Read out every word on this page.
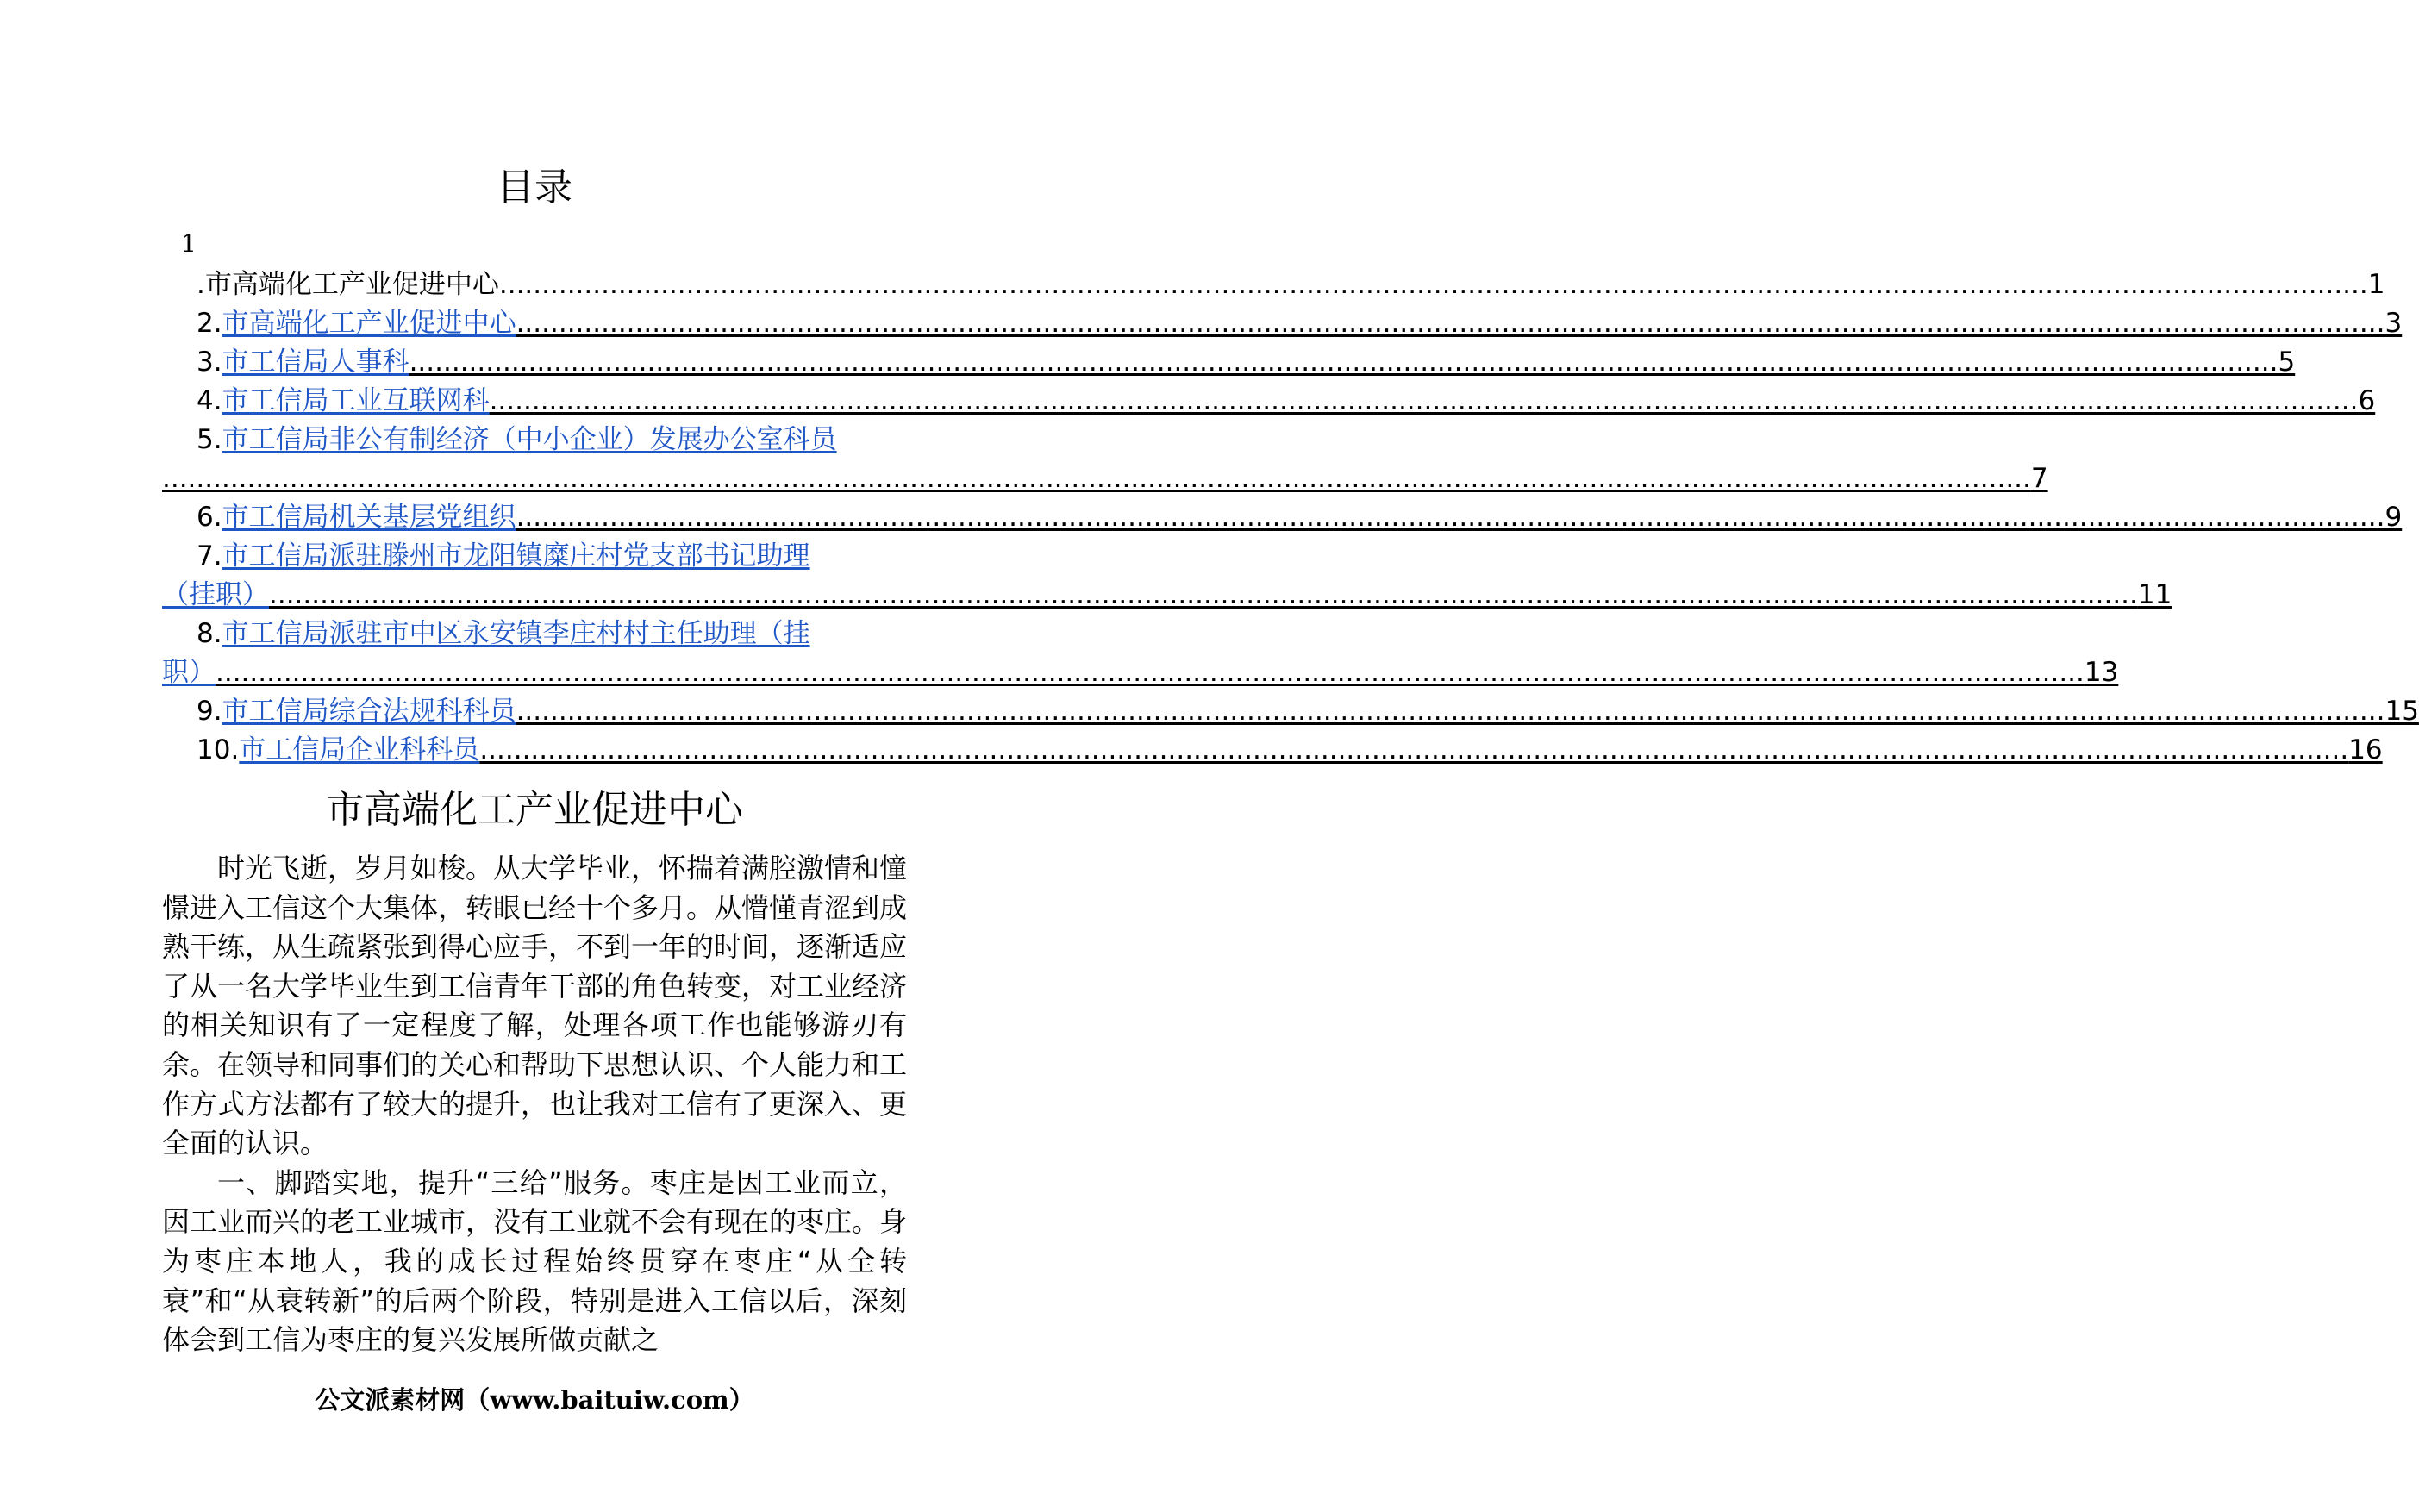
目录
1
. 市高端化工产业促进中心 ............................................................................................................................................................................................................................ 1
2. 市高端化工产业促进中心 ............................................................................................................................................................................................................................ 3
3. 市工信局人事科 ............................................................................................................................................................................................................................ 5
4. 市工信局工业互联网科 ............................................................................................................................................................................................................................ 6
5. 市工信局非公有制经济（中小企业）发展办公室科员
............................................................................................................................................................................................................................ 7
6. 市工信局机关基层党组织 ............................................................................................................................................................................................................................ 9
7. 市工信局派驻滕州市龙阳镇糜庄村党支部书记助理
（挂职） ............................................................................................................................................................................................................................ 11
8. 市工信局派驻市中区永安镇李庄村村主任助理（挂
职） ............................................................................................................................................................................................................................ 13
9. 市工信局综合法规科科员 ............................................................................................................................................................................................................................ 15
10. 市工信局企业科科员 ............................................................................................................................................................................................................................ 16
市高端化工产业促进中心

时光飞逝，岁月如梭。从大学毕业，怀揣着满腔激情和憧憬进入工信这个大集体，转眼已经十个多月。从懵懂青涩到成熟干练，从生疏紧张到得心应手，不到一年的时间，逐渐适应了从一名大学毕业生到工信青年干部的角色转变，对工业经济的相关知识有了一定程度了解，处理各项工作也能够游刃有余。在领导和同事们的关心和帮助下思想认识、个人能力和工作方式方法都有了较大的提升，也让我对工信有了更深入、更全面的认识。

一、脚踏实地，提升“三给”服务。枣庄是因工业而立，因工业而兴的老工业城市，没有工业就不会有现在的枣庄。身为枣庄本地人，我的成长过程始终贯穿在枣庄“从全转衰”和“从衰转新”的后两个阶段，特别是进入工信以后，深刻体会到工信为枣庄的复兴发展所做贡献之

公文派素材网（www.baituiw.com）
